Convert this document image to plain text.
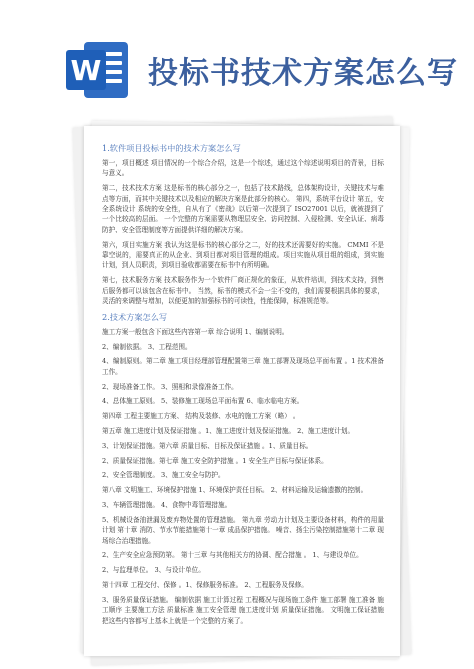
W 投标书技术方案怎么写
1.软件项目投标书中的技术方案怎么写

第一，项目概述 项目情况的一个综合介绍，这是一个综述，通过这个综述说明项目的背景，目标与意义。

第二，技术技术方案 这是标书的核心部分之一，包括了技术路线，总体架构设计，关键技术与难点等方面，而其中关键技术以及相应的解决方案是此部分的核心。 第四，系统平台设计 第五，安全系统设计 系统的安全性，自从有了《密战》以后第一次提到了 ISO27001 以后，就被提到了一个比较高的层面。 一个完整的方案需要从物理层安全、访问控制、入侵检测、安全认证、病毒防护、安全管理制度等方面提供详细的解决方案。

第六，项目实施方案 我认为这是标书的核心部分之二，好的技术还需要好的实施。 CMMI 不是靠空说的，需要真正的从企业、到项目都对项目管理的组成。项目实施从项目组的组成，到实施计划，到人员职责，到项目验收都需要在标书中有所明确。

第七，技术服务方案 技术服务作为一个软件厂商正规化的象征，从软件培训，到技术支持，到售后服务都可以该包含在标书中。 当然，标书的模式不会一尘不变的，我们需要根据具体的要求，灵活的来调整与增加，以便更加的加强标书的可读性，性能保障，标准规范等。

2.技术方案怎么写

施工方案一般包含下面这些内容第一章 综合说明 1、编制说明。

2、编制依据。 3、工程范围。

4、编制原则。第二章 施工项目经理部管理配置第三章 施工部署及现场总平面布置 。1 技术准备工作。

2、现场准备工作。 3、照相和录像准备工作。

4、总体施工原则。 5、装修施工现场总平面布置 6、临水临电方案。

第四章 工程主要施工方案、 结构及装修、水电的施工方案（略） 。

第五章 施工进度计划及保证措施 。1、施工进度计划及保证措施。 2、施工进度计划。

3、计划保证措施。第六章 质量目标、目标及保证措施 。1、质量目标。

2、质量保证措施。第七章 施工安全防护措施 。1 安全生产目标与保证体系。

2、安全管理制度。 3、施工安全与防护。

第八章 文明施工、环境保护措施 1、环境保护责任目标。 2、材料运输及运输遗撒的控制。

3、车辆管理措施。 4、食物中毒管理措施。

5、机械设备油泄漏及废弃物处置的管理措施。 第九章 劳动力计划及主要设备材料，构件的用量计划 第十章 消防、节水节能措施第十一章 成品保护措施。 噪音、扬尘污染控制措施第十二章 现场综合治理措施。

2、生产安全应急预防第。 第十三章 与其他相关方的协调、配合措施 。 1、与建设单位。

2、与监理单位。 3、与设计单位。

第十四章 工程交付、保修 。1、保修服务标准。 2、工程服务及保修。

3、服务质量保证措施。 编制依据 施工计算过程 工程概况与现场施工条件 施工部署 施工准备 施工顺序 主要施工方法 质量标准 施工安全管理 施工进度计划 质量保证措施。 文明施工保证措施把这些内容都写上基本上就是一个完整的方案了。
